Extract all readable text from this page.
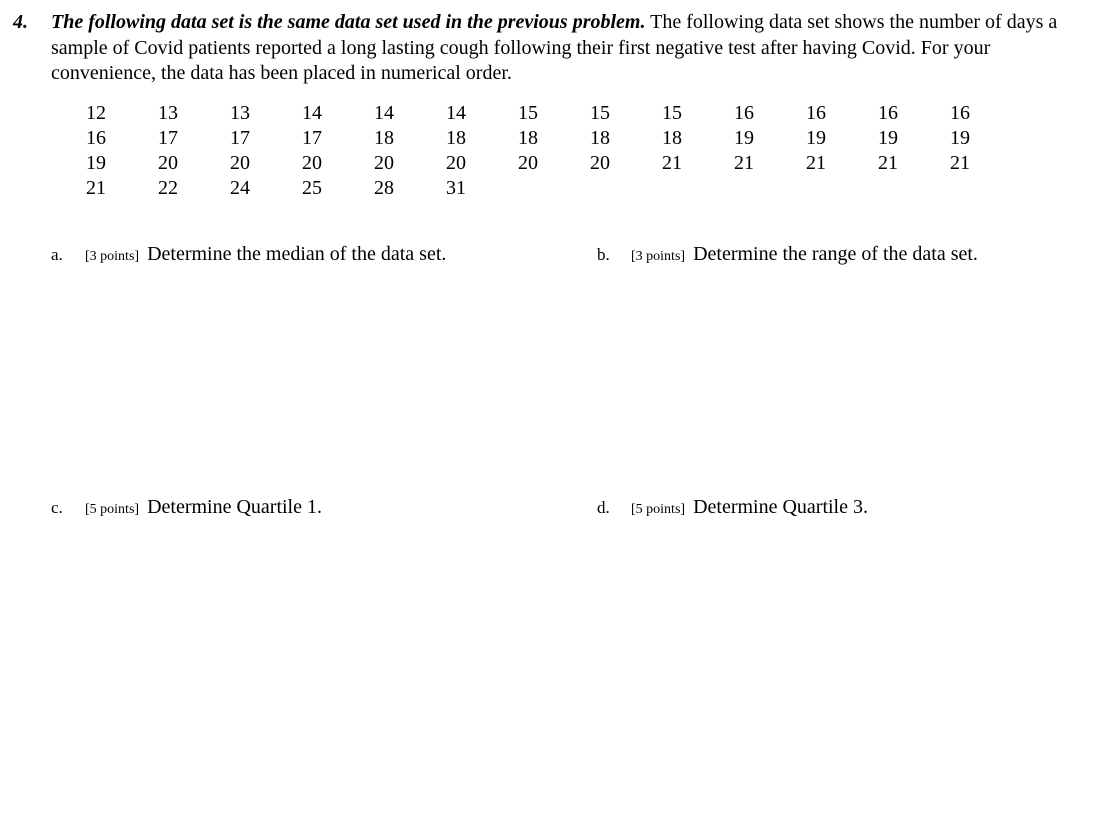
4. The following data set is the same data set used in the previous problem. The following data set shows the number of days a sample of Covid patients reported a long lasting cough following their first negative test after having Covid. For your convenience, the data has been placed in numerical order.
12	13	13	14	14	14	15	15	15	16	16	16	16
16	17	17	17	18	18	18	18	18	19	19	19	19
19	20	20	20	20	20	20	20	21	21	21	21	21
21	22	24	25	28	31
a. [3 points] Determine the median of the data set.	b. [3 points] Determine the range of the data set.
c. [5 points] Determine Quartile 1.	d. [5 points] Determine Quartile 3.
